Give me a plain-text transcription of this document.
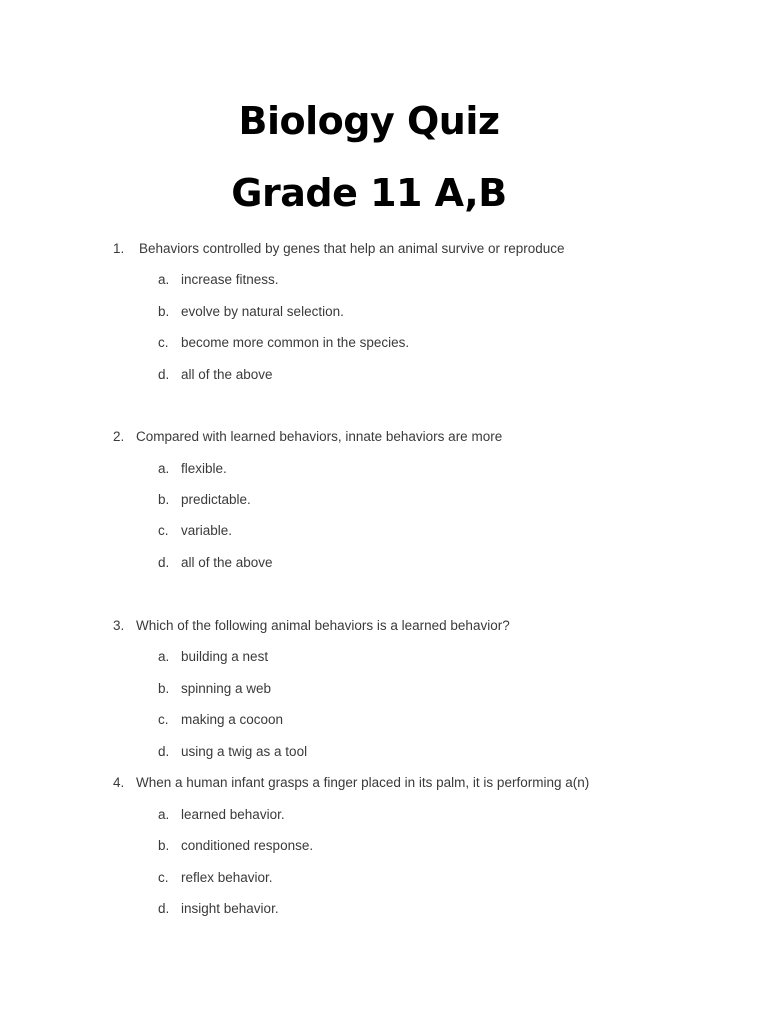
Biology Quiz
Grade 11 A,B
1. Behaviors controlled by genes that help an animal survive or reproduce
a. increase fitness.
b. evolve by natural selection.
c. become more common in the species.
d. all of the above
2. Compared with learned behaviors, innate behaviors are more
a. flexible.
b. predictable.
c. variable.
d. all of the above
3. Which of the following animal behaviors is a learned behavior?
a. building a nest
b. spinning a web
c. making a cocoon
d. using a twig as a tool
4. When a human infant grasps a finger placed in its palm, it is performing a(n)
a. learned behavior.
b. conditioned response.
c. reflex behavior.
d. insight behavior.
